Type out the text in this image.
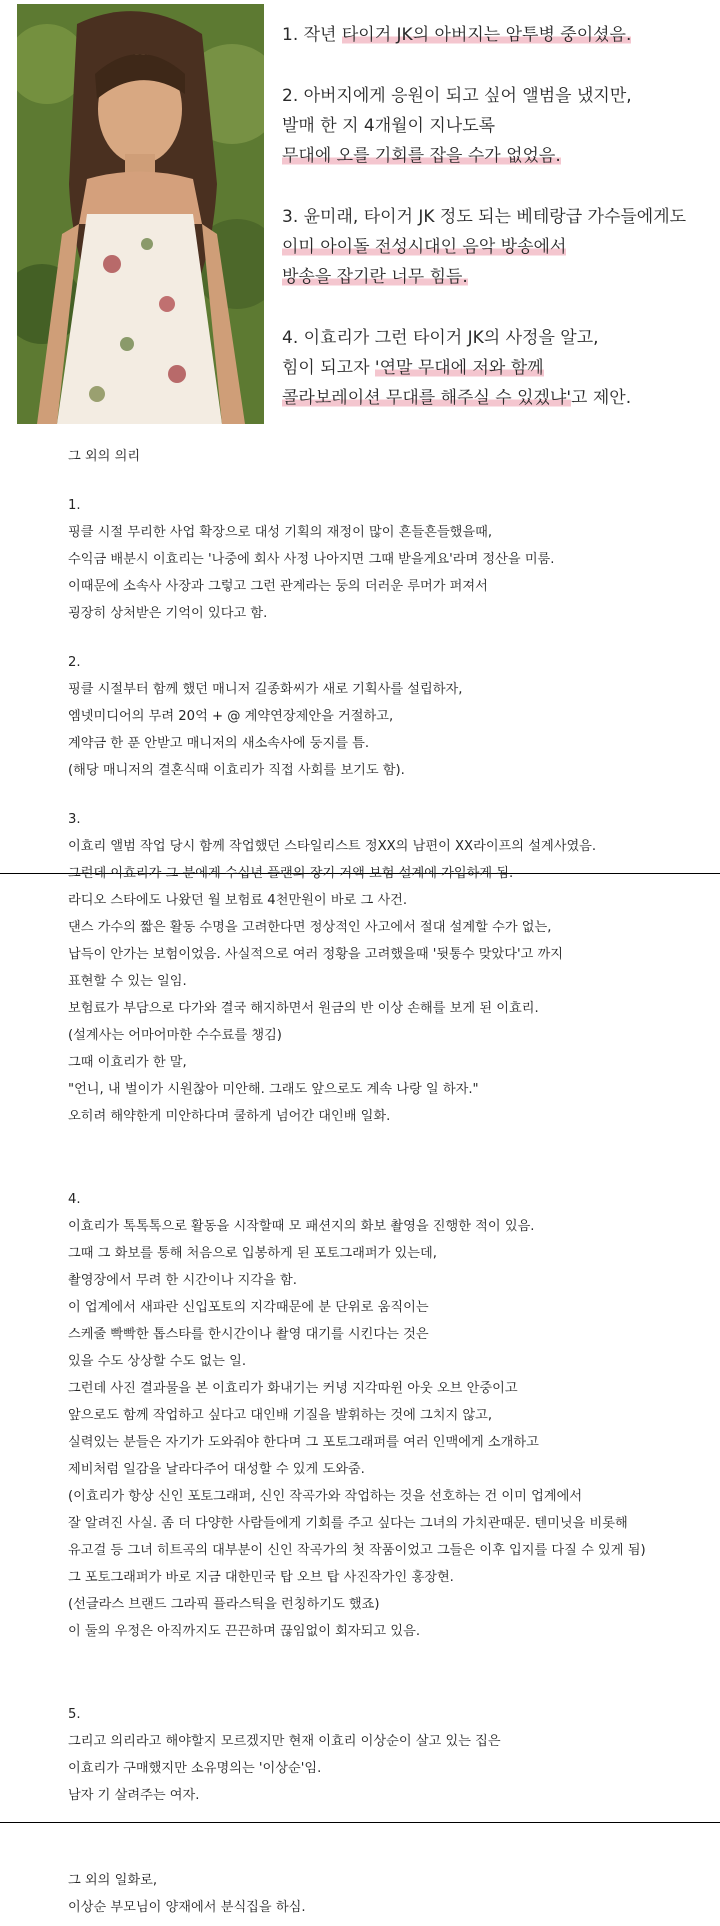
1. 작년 타이거 JK의 아버지는 암투병 중이셨음.

2. 아버지에게 응원이 되고 싶어 앨범을 냈지만,

발매 한 지 4개월이 지나도록

무대에 오를 기회를 잡을 수가 없었음.

3. 윤미래, 타이거 JK 정도 되는 베테랑급 가수들에게도

이미 아이돌 전성시대인 음악 방송에서

방송을 잡기란 너무 힘듬.

4. 이효리가 그런 타이거 JK의 사정을 알고,

힘이 되고자 '연말 무대에 저와 함께

콜라보레이션 무대를 해주실 수 있겠냐'고 제안.

그 외의 의리
1.
핑클 시절 무리한 사업 확장으로 대성 기획의 재정이 많이 흔들흔들했을때,
수익금 배분시 이효리는 '나중에 회사 사정 나아지면 그때 받을게요'라며 정산을 미룸.
이때문에 소속사 사장과 그렇고 그런 관계라는 둥의 더러운 루머가 퍼져서
굉장히 상처받은 기억이 있다고 함.
2.
핑클 시절부터 함께 했던 매니저 길종화씨가 새로 기획사를 설립하자,
엠넷미디어의 무려 20억 + @ 계약연장제안을 거절하고,
계약금 한 푼 안받고 매니저의 새소속사에 둥지를 틈.
(해당 매니저의 결혼식때 이효리가 직접 사회를 보기도 함).
3.
이효리 앨범 작업 당시 함께 작업했던 스타일리스트 정XX의 남편이 XX라이프의 설계사였음.
그런데 이효리가 그 분에게 수십년 플랜의 장기 거액 보험 설계에 가입하게 됨.
라디오 스타에도 나왔던 월 보험료 4천만원이 바로 그 사건.
댄스 가수의 짧은 활동 수명을 고려한다면 정상적인 사고에서 절대 설계할 수가 없는,
납득이 안가는 보험이었음. 사실적으로 여러 정황을 고려했을때 '뒷통수 맞았다'고 까지
표현할 수 있는 일임.
보험료가 부담으로 다가와 결국 해지하면서 원금의 반 이상 손해를 보게 된 이효리.
(설계사는 어마어마한 수수료를 챙김)
그때 이효리가 한 말,
"언니, 내 벌이가 시원찮아 미안해. 그래도 앞으로도 계속 나랑 일 하자."
오히려 해약한게 미안하다며 쿨하게 넘어간 대인배 일화.
4.
이효리가 톡톡톡으로 활동을 시작할때 모 패션지의 화보 촬영을 진행한 적이 있음.
그때 그 화보를 통해 처음으로 입봉하게 된 포토그래퍼가 있는데,
촬영장에서 무려 한 시간이나 지각을 함.
이 업계에서 새파란 신입포토의 지각때문에 분 단위로 움직이는
스케줄 빡빡한 톱스타를 한시간이나 촬영 대기를 시킨다는 것은
있을 수도 상상할 수도 없는 일.
그런데 사진 결과물을 본 이효리가 화내기는 커녕 지각따윈 아웃 오브 안중이고
앞으로도 함께 작업하고 싶다고 대인배 기질을 발휘하는 것에 그치지 않고,
실력있는 분들은 자기가 도와줘야 한다며 그 포토그래퍼를 여러 인맥에게 소개하고
제비처럼 일감을 날라다주어 대성할 수 있게 도와줌.
(이효리가 항상 신인 포토그래퍼, 신인 작곡가와 작업하는 것을 선호하는 건 이미 업계에서
잘 알려진 사실. 좀 더 다양한 사람들에게 기회를 주고 싶다는 그녀의 가치관때문. 텐미닛을 비롯해
유고걸 등 그녀 히트곡의 대부분이 신인 작곡가의 첫 작품이었고 그들은 이후 입지를 다질 수 있게 됨)
그 포토그래퍼가 바로 지금 대한민국 탑 오브 탑 사진작가인 홍장현.
(선글라스 브랜드 그라픽 플라스틱을 런칭하기도 했죠)
이 둘의 우정은 아직까지도 끈끈하며 끊임없이 회자되고 있음.
5.
그리고 의리라고 해야할지 모르겠지만 현재 이효리 이상순이 살고 있는 집은
이효리가 구매했지만 소유명의는 '이상순'임.
남자 기 살려주는 여자.
그 외의 일화로,
이상순 부모님이 양재에서 분식집을 하심.
